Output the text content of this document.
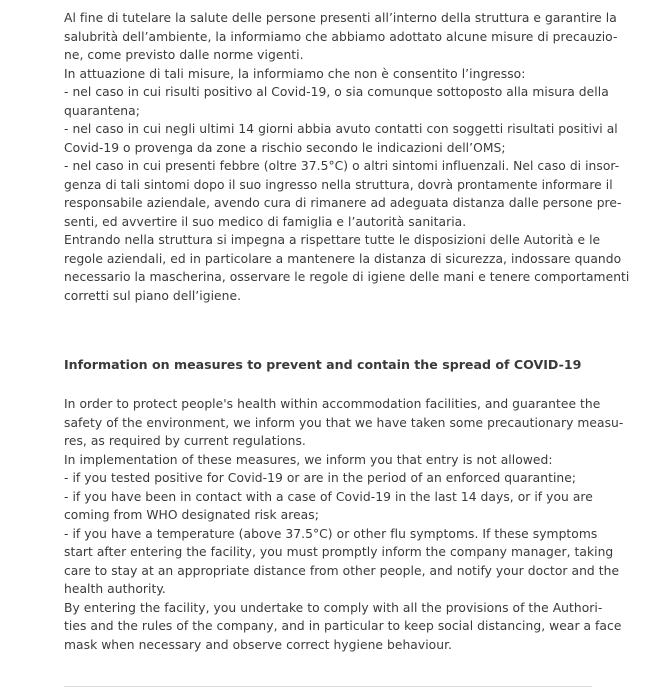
Al fine di tutelare la salute delle persone presenti all’interno della struttura e garantire la
salubrità dell’ambiente, la informiamo che abbiamo adottato alcune misure di precauzio-
ne, come previsto dalle norme vigenti.
In attuazione di tali misure, la informiamo che non è consentito l’ingresso:
- nel caso in cui risulti positivo al Covid-19, o sia comunque sottoposto alla misura della
quarantena;
- nel caso in cui negli ultimi 14 giorni abbia avuto contatti con soggetti risultati positivi al
Covid-19 o provenga da zone a rischio secondo le indicazioni dell’OMS;
- nel caso in cui presenti febbre (oltre 37.5°C) o altri sintomi influenzali. Nel caso di insor-
genza di tali sintomi dopo il suo ingresso nella struttura, dovrà prontamente informare il
responsabile aziendale, avendo cura di rimanere ad adeguata distanza dalle persone pre-
senti, ed avvertire il suo medico di famiglia e l’autorità sanitaria.
Entrando nella struttura si impegna a rispettare tutte le disposizioni delle Autorità e le
regole aziendali, ed in particolare a mantenere la distanza di sicurezza, indossare quando
necessario la mascherina, osservare le regole di igiene delle mani e tenere comportamenti
corretti sul piano dell’igiene.
Information on measures to prevent and contain the spread of COVID-19
In order to protect people's health within accommodation facilities, and guarantee the
safety of the environment, we inform you that we have taken some precautionary measu-
res, as required by current regulations.
In implementation of these measures, we inform you that entry is not allowed:
- if you tested positive for Covid-19 or are in the period of an enforced quarantine;
- if you have been in contact with a case of Covid-19 in the last 14 days, or if you are
coming from WHO designated risk areas;
- if you have a temperature (above 37.5°C) or other flu symptoms. If these symptoms
start after entering the facility, you must promptly inform the company manager, taking
care to stay at an appropriate distance from other people, and notify your doctor and the
health authority.
By entering the facility, you undertake to comply with all the provisions of the Authori-
ties and the rules of the company, and in particular to keep social distancing, wear a face
mask when necessary and observe correct hygiene behaviour.
